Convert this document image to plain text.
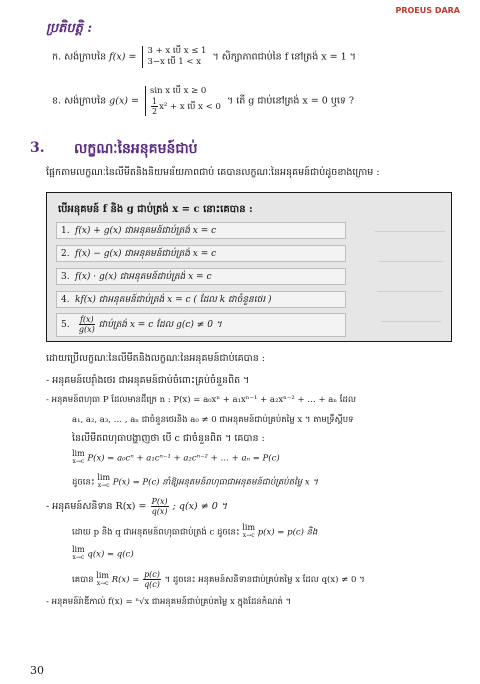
PROEUS DARA
ប្រតិបត្តិ :
ក. សង់ក្រាបនៃ f(x) =
3 + x បើ x ≤ 1
3−x បើ 1 < x	។ សិក្សាភាពជាប់នៃ f នៅត្រង់ x = 1 ។
ខ. សង់ក្រាបនៃ g(x) =
sin x បើ x ≥ 0
$\frac{1}{2} x^2 + x$ បើ x < 0
។ តើ g ជាប់នៅត្រង់ x = 0 ឬទេ ?
3. លក្ខណៈនៃអនុគមន៍ជាប់
ផ្អែកតាមលក្ខណៈនៃលីមីតនិងនិយមន័យភាពជាប់ គេបានលក្ខណៈនៃអនុគមន៍ជាប់ដូចខាងក្រោម :
បើអនុគមន៍ f និង g ជាប់ត្រង់ x = c នោះគេបាន :
1. f(x) + g(x) ជាអនុគមន៍ជាប់ត្រង់ x = c
2. f(x) − g(x) ជាអនុគមន៍ជាប់ត្រង់ x = c
3. f(x) · g(x) ជាអនុគមន៍ជាប់ត្រង់ x = c
4. kf(x) ជាអនុគមន៍ជាប់ត្រង់ x = c ( ដែល k ជាចំនួនថេរ )
5. $\frac{f(x)}{g(x)}$ ជាប់ត្រង់ x = c ដែល g(c) ≠ 0 ។
ដោយប្រើលក្ខណៈនៃលីមីតនិងលក្ខណៈនៃអនុគមន៍ជាប់គេបាន :
- អនុគមន៍បេរ៉ាំងថេរ ជាអនុគមន៍ជាប់ចំពោះគ្រប់ចំនួនពិត ។
- អនុគមន៍ពហុធា P ដែលមានដឺក្រេ n : P(x) = a₀xⁿ + a₁xⁿ⁻¹ + a₂xⁿ⁻² + … + aₙ ដែល
a₁, a₂, a₃, … , aₙ ជាចំនួនថេរនិង a₀ ≠ 0 ជាអនុគមន៍ជាប់គ្រប់តម្លៃ x ។ តាមទ្រឹស្តីបទ
នៃលីមីតពហុធាបង្ហាញថា បើ c ជាចំនួនពិត ។ គេបាន :
lim
x→c P(x) = a₀cⁿ + a₁cⁿ⁻¹ + a₂cⁿ⁻² + … + aₙ = P(c)
ដូចនេះ lim
x→c P(x) = P(c) នាំឱ្យអនុគមន៍ពហុធាជាអនុគមន៍ជាប់គ្រប់តម្លៃ x ។
- អនុគមន៍សនិទាន $R(x) = \frac{P(x)}{q(x)}$ ; q(x) ≠ 0 ។
ដោយ p និង q ជាអនុគមន៍ពហុធាជាប់ត្រង់ c ដូចនេះ lim
x→c p(x) = p(c) និង
lim
x→c q(x) = q(c)
គេបាន lim
x→c $R(x) = \frac{p(c)}{q(c)}$ ។ ដូចនេះ អនុគមន៍សនិទានជាប់គ្រប់តម្លៃ x ដែល q(x) ≠ 0 ។
- អនុគមន៍រ៉ាឌីកាល់ f(x) = ⁿ√x ជាអនុគមន៍ជាប់គ្រប់តម្លៃ x ក្នុងដែនកំណត់ ។
30
